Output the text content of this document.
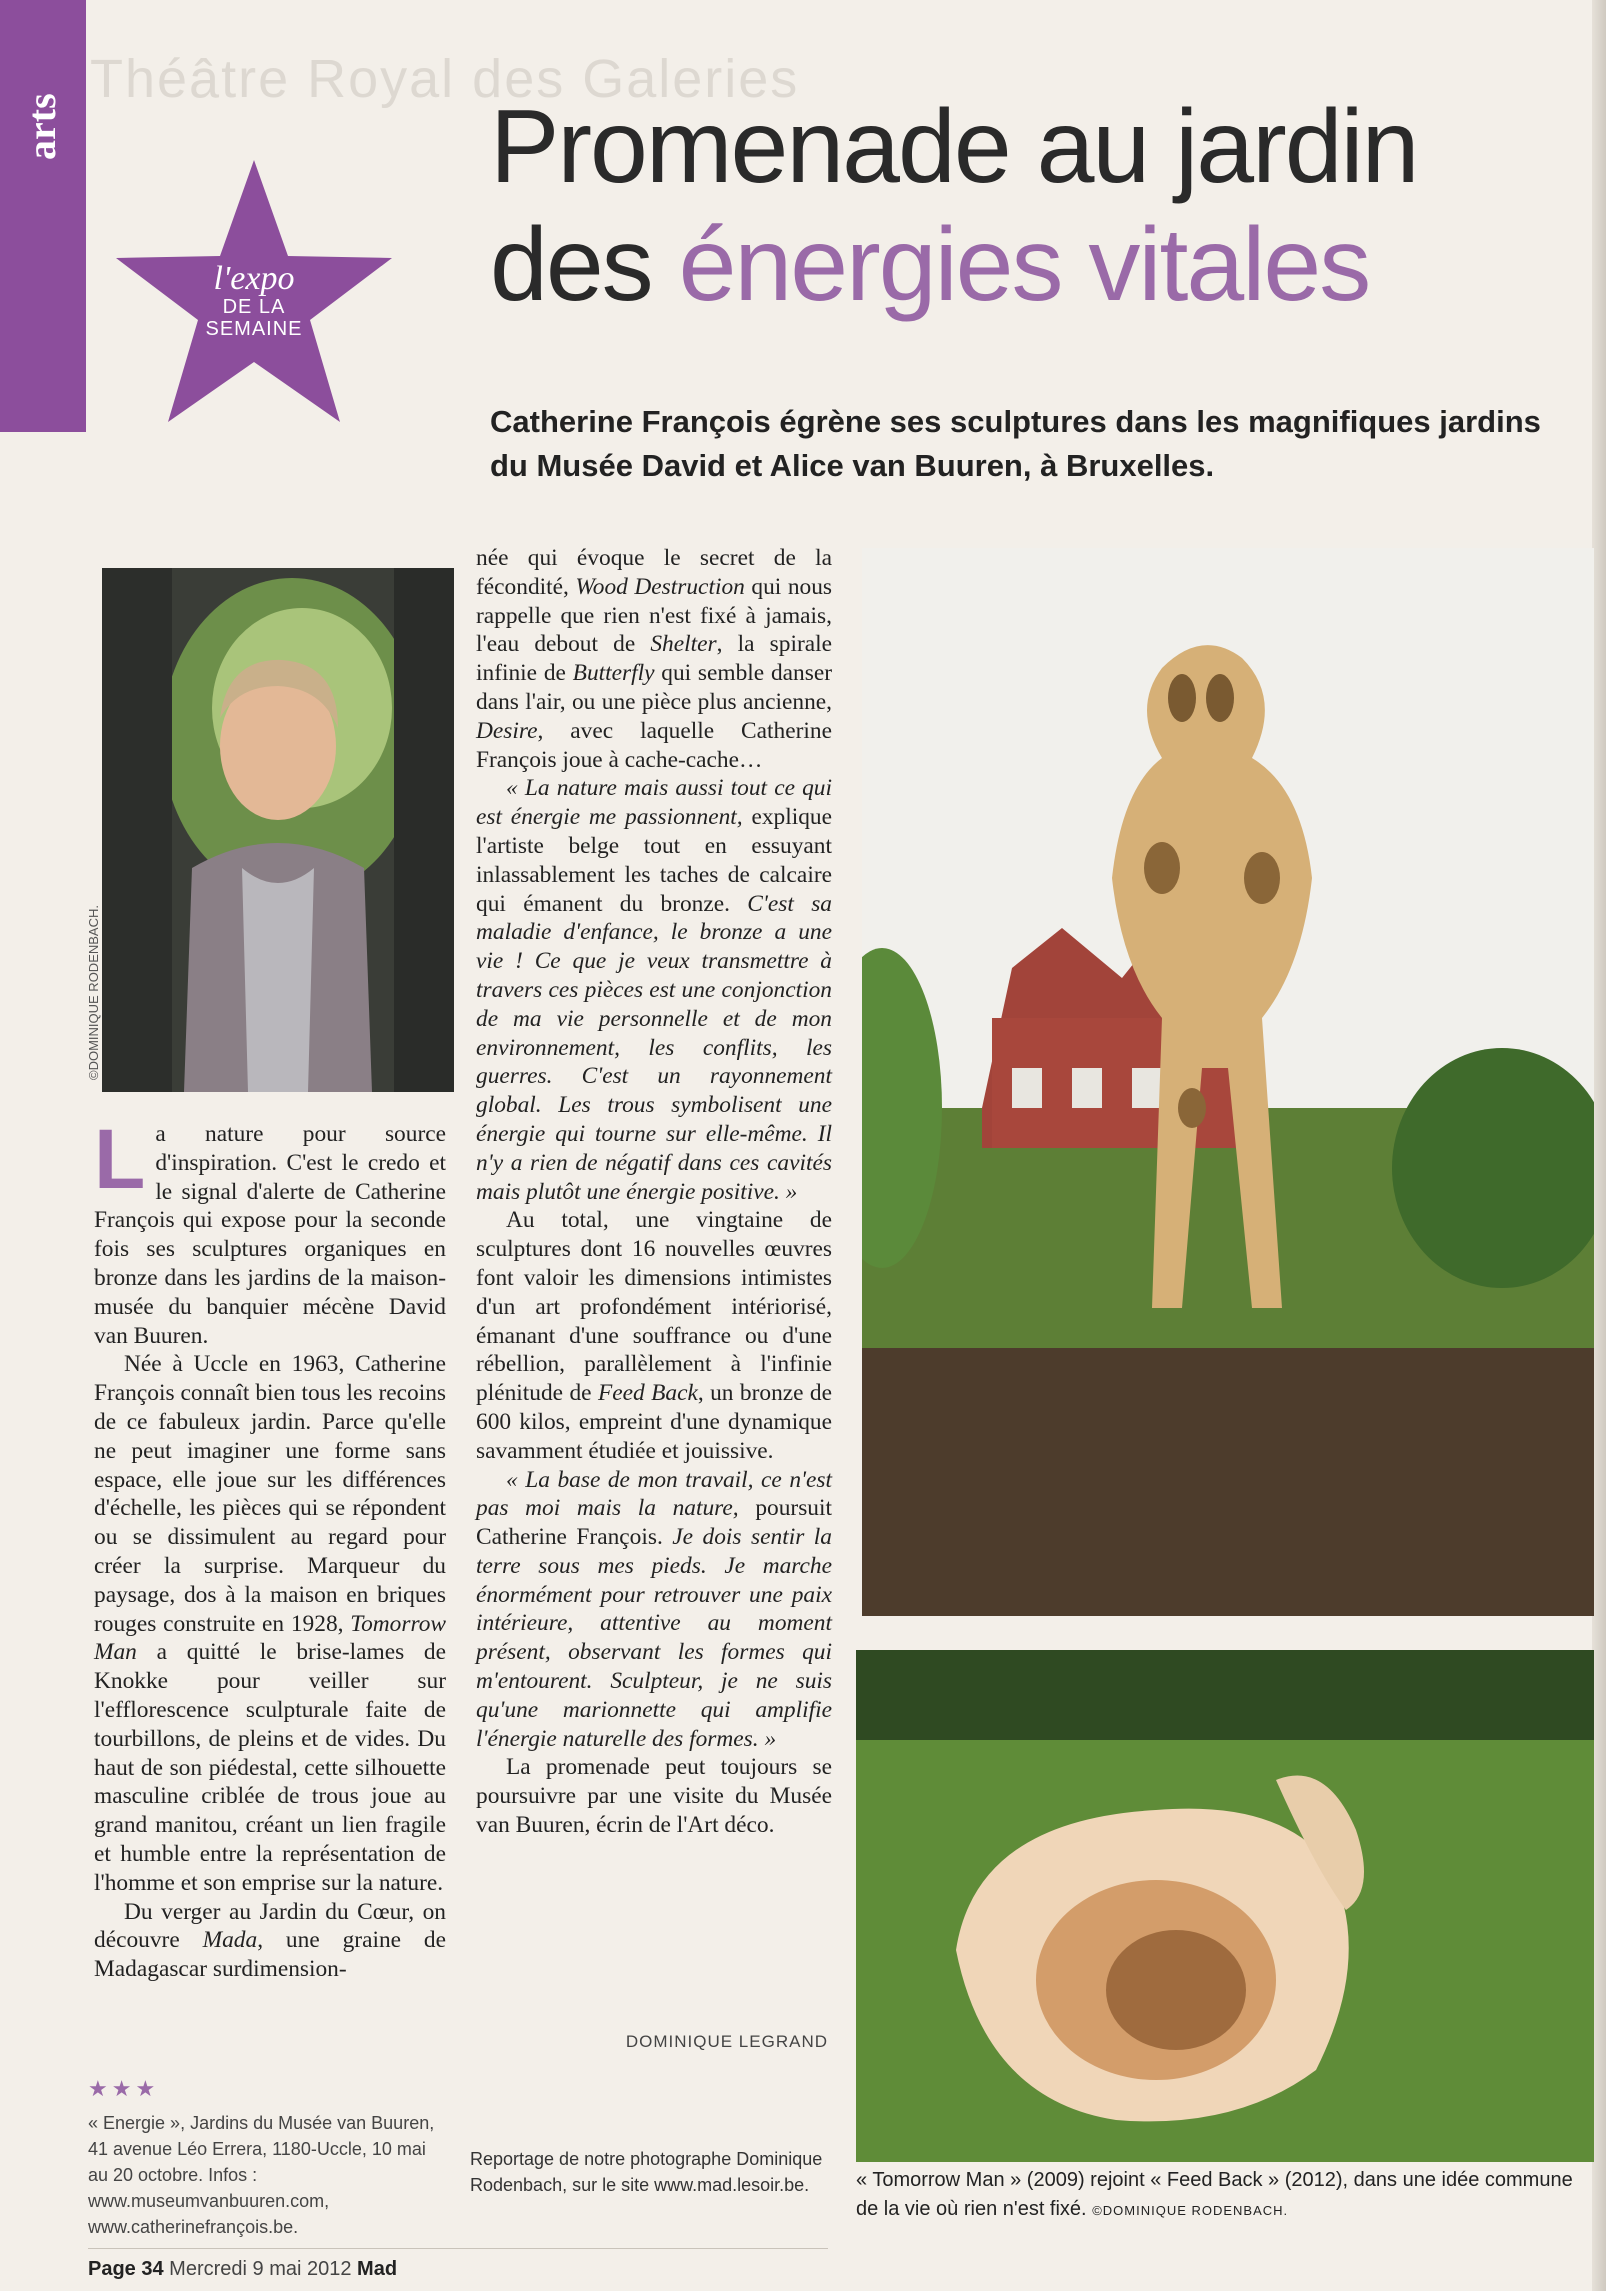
Théâtre Royal des Galeries
arts
l'expo
DE LA
SEMAINE
Promenade au jardin
des énergies vitales
Catherine François égrène ses sculptures dans les magnifiques jardins du Musée David et Alice van Buuren, à Bruxelles.
©DOMINIQUE RODENBACH.

La nature pour source d'inspiration. C'est le credo et le signal d'alerte de Catherine François qui expose pour la seconde fois ses sculptures organiques en bronze dans les jardins de la maison-musée du banquier mécène David van Buuren.

Née à Uccle en 1963, Catherine François connaît bien tous les recoins de ce fabuleux jardin. Parce qu'elle ne peut imaginer une forme sans espace, elle joue sur les différences d'échelle, les pièces qui se répondent ou se dissimulent au regard pour créer la surprise. Marqueur du paysage, dos à la maison en briques rouges construite en 1928, Tomorrow Man a quitté le brise-lames de Knokke pour veiller sur l'efflorescence sculpturale faite de tourbillons, de pleins et de vides. Du haut de son piédestal, cette silhouette masculine criblée de trous joue au grand manitou, créant un lien fragile et humble entre la représentation de l'homme et son emprise sur la nature.

Du verger au Jardin du Cœur, on découvre Mada, une graine de Madagascar surdimension-

née qui évoque le secret de la fécondité, Wood Destruction qui nous rappelle que rien n'est fixé à jamais, l'eau debout de Shelter, la spirale infinie de Butterfly qui semble danser dans l'air, ou une pièce plus ancienne, Desire, avec laquelle Catherine François joue à cache-cache…

« La nature mais aussi tout ce qui est énergie me passionnent, explique l'artiste belge tout en essuyant inlassablement les taches de calcaire qui émanent du bronze. C'est sa maladie d'enfance, le bronze a une vie ! Ce que je veux transmettre à travers ces pièces est une conjonction de ma vie personnelle et de mon environnement, les conflits, les guerres. C'est un rayonnement global. Les trous symbolisent une énergie qui tourne sur elle-même. Il n'y a rien de négatif dans ces cavités mais plutôt une énergie positive. »

Au total, une vingtaine de sculptures dont 16 nouvelles œuvres font valoir les dimensions intimistes d'un art profondément intériorisé, émanant d'une souffrance ou d'une rébellion, parallèlement à l'infinie plénitude de Feed Back, un bronze de 600 kilos, empreint d'une dynamique savamment étudiée et jouissive.

« La base de mon travail, ce n'est pas moi mais la nature, poursuit Catherine François. Je dois sentir la terre sous mes pieds. Je marche énormément pour retrouver une paix intérieure, attentive au moment présent, observant les formes qui m'entourent. Sculpteur, je ne suis qu'une marionnette qui amplifie l'énergie naturelle des formes. »

La promenade peut toujours se poursuivre par une visite du Musée van Buuren, écrin de l'Art déco.

DOMINIQUE LEGRAND
★★★
« Energie », Jardins du Musée van Buuren, 41 avenue Léo Errera, 1180-Uccle, 10 mai au 20 octobre. Infos : www.museumvanbuuren.com, www.catherinefrançois.be.
Reportage de notre photographe Dominique Rodenbach, sur le site www.mad.lesoir.be.	« Tomorrow Man » (2009) rejoint « Feed Back » (2012), dans une idée commune de la vie où rien n'est fixé. ©DOMINIQUE RODENBACH.
Page 34 Mercredi 9 mai 2012 Mad
